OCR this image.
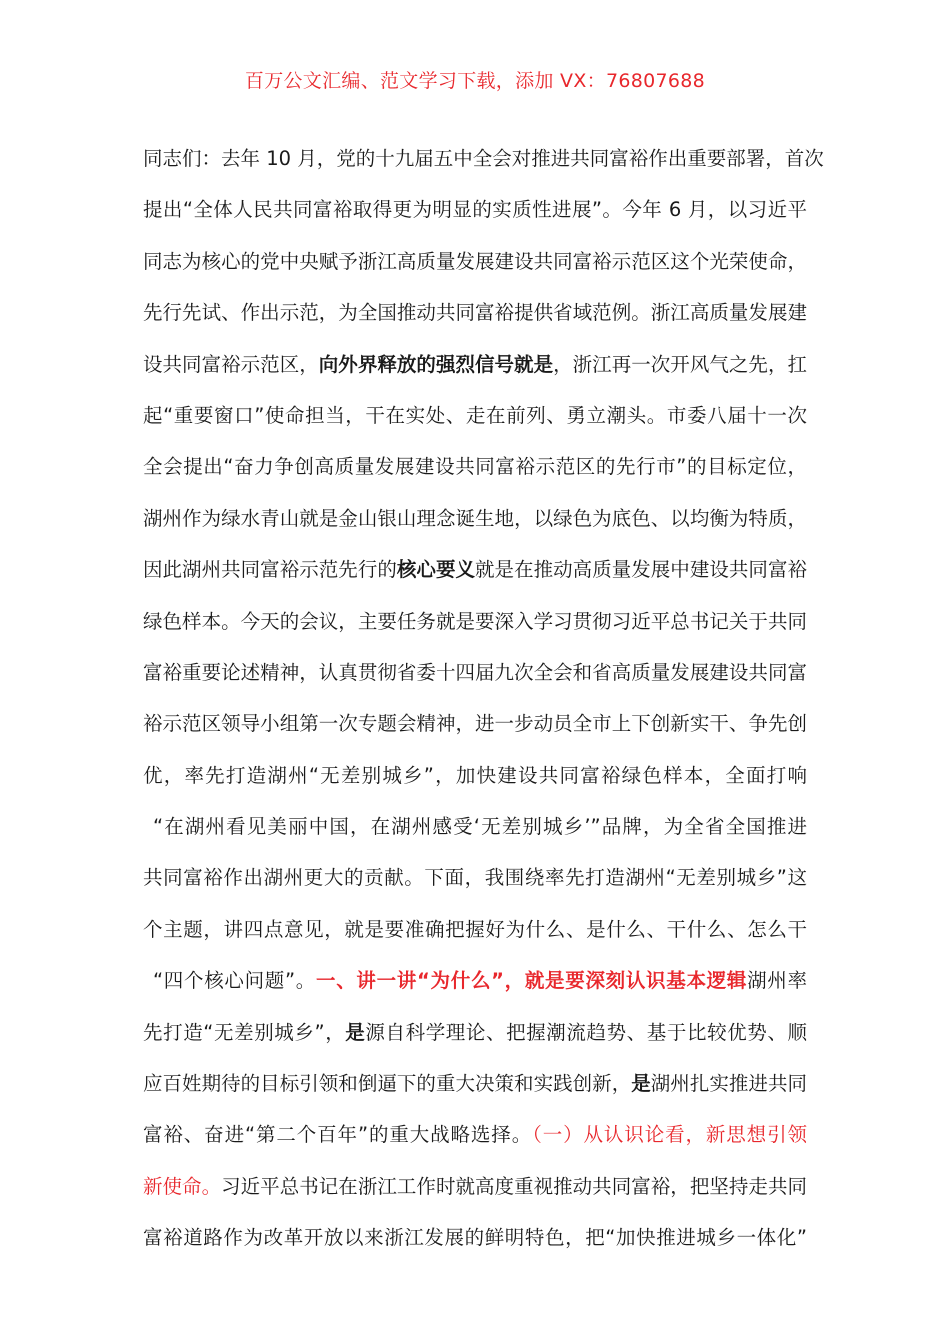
百万公文汇编、范文学习下载，添加 VX：76807688
同志们：去年 10 月，党的十九届五中全会对推进共同富裕作出重要部署，首次
提出“全体人民共同富裕取得更为明显的实质性进展”。今年 6 月，以习近平
同志为核心的党中央赋予浙江高质量发展建设共同富裕示范区这个光荣使命，
先行先试、作出示范，为全国推动共同富裕提供省域范例。浙江高质量发展建
设共同富裕示范区，向外界释放的强烈信号就是，浙江再一次开风气之先，扛
起“重要窗口”使命担当，干在实处、走在前列、勇立潮头。市委八届十一次
全会提出“奋力争创高质量发展建设共同富裕示范区的先行市”的目标定位，
湖州作为绿水青山就是金山银山理念诞生地，以绿色为底色、以均衡为特质，
因此湖州共同富裕示范先行的核心要义就是在推动高质量发展中建设共同富裕
绿色样本。今天的会议，主要任务就是要深入学习贯彻习近平总书记关于共同
富裕重要论述精神，认真贯彻省委十四届九次全会和省高质量发展建设共同富
裕示范区领导小组第一次专题会精神，进一步动员全市上下创新实干、争先创
优，率先打造湖州“无差别城乡”，加快建设共同富裕绿色样本，全面打响
“在湖州看见美丽中国，在湖州感受‘无差别城乡’”品牌，为全省全国推进
共同富裕作出湖州更大的贡献。下面，我围绕率先打造湖州“无差别城乡”这
个主题，讲四点意见，就是要准确把握好为什么、是什么、干什么、怎么干
“四个核心问题”。一、讲一讲“为什么”，就是要深刻认识基本逻辑湖州率
先打造“无差别城乡”，是源自科学理论、把握潮流趋势、基于比较优势、顺
应百姓期待的目标引领和倒逼下的重大决策和实践创新，是湖州扎实推进共同
富裕、奋进“第二个百年”的重大战略选择。（一）从认识论看，新思想引领
新使命。习近平总书记在浙江工作时就高度重视推动共同富裕，把坚持走共同
富裕道路作为改革开放以来浙江发展的鲜明特色，把“加快推进城乡一体化”
